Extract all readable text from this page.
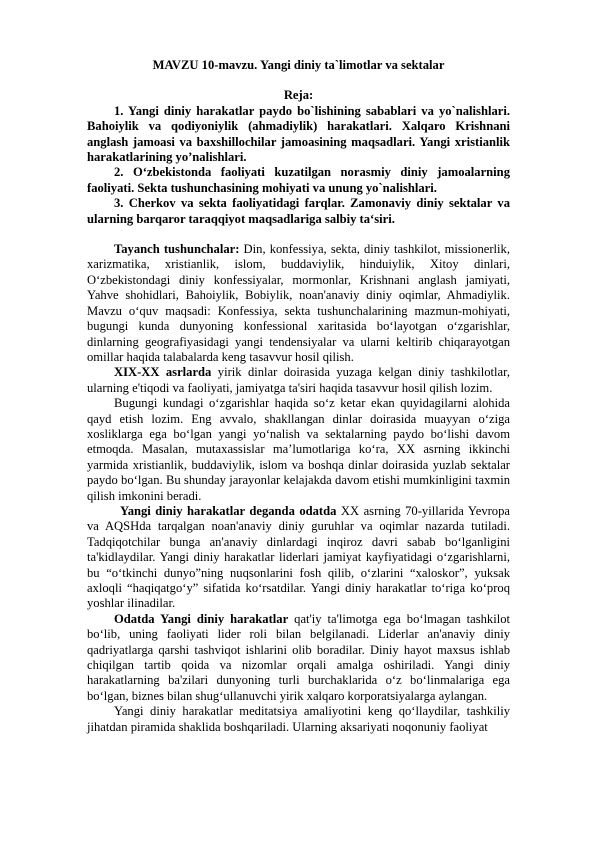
MAVZU 10-mavzu. Yangi diniy ta`limotlar va sektalar
Reja:

1. Yangi diniy harakatlar paydo bo`lishining sabablari va yo`nalishlari. Bahoiylik va qodiyoniylik (ahmadiylik) harakatlari. Xalqaro Krishnani anglash jamoasi va baxshillochilar jamoasining maqsadlari. Yangi xristianlik harakatlarining yo’nalishlari.

2. O‘zbekistonda faoliyati kuzatilgan norasmiy diniy jamoalarning faoliyati. Sekta tushunchasining mohiyati va unung yo`nalishlari.

3. Cherkov va sekta faoliyatidagi farqlar. Zamonaviy diniy sektalar va ularning barqaror taraqqiyot maqsadlariga salbiy ta‘siri.

Tayanch tushunchalar: Din, konfessiya, sekta, diniy tashkilot, missionerlik, xarizmatika, xristianlik, islom, buddaviylik, hinduiylik, Xitoy dinlari, O‘zbekistondagi diniy konfessiyalar, mormonlar, Krishnani anglash jamiyati, Yahve shohidlari, Bahoiylik, Bobiylik, noan'anaviy diniy oqimlar, Ahmadiylik. Mavzu o‘quv maqsadi: Konfessiya, sekta tushunchalarining mazmun-mohiyati, bugungi kunda dunyoning konfessional xaritasida bo‘layotgan o‘zgarishlar, dinlarning geografiyasidagi yangi tendensiyalar va ularni keltirib chiqarayotgan omillar haqida talabalarda keng tasavvur hosil qilish.

XIX-XX asrlarda yirik dinlar doirasida yuzaga kelgan diniy tashkilotlar, ularning e'tiqodi va faoliyati, jamiyatga ta'siri haqida tasavvur hosil qilish lozim.

Bugungi kundagi o‘zgarishlar haqida so‘z ketar ekan quyidagilarni alohida qayd etish lozim. Eng avvalo, shakllangan dinlar doirasida muayyan o‘ziga xosliklarga ega bo‘lgan yangi yo‘nalish va sektalarning paydo bo‘lishi davom etmoqda. Masalan, mutaxassislar ma’lumotlariga ko‘ra, XX asrning ikkinchi yarmida xristianlik, buddaviylik, islom va boshqa dinlar doirasida yuzlab sektalar paydo bo‘lgan. Bu shunday jarayonlar kelajakda davom etishi mumkinligini taxmin qilish imkonini beradi.

Yangi diniy harakatlar deganda odatda XX asrning 70-yillarida Yevropa va AQSHda tarqalgan noan'anaviy diniy guruhlar va oqimlar nazarda tutiladi. Tadqiqotchilar bunga an'anaviy dinlardagi inqiroz davri sabab bo‘lganligini ta'kidlaydilar. Yangi diniy harakatlar liderlari jamiyat kayfiyatidagi o‘zgarishlarni, bu “o‘tkinchi dunyo”ning nuqsonlarini fosh qilib, o‘zlarini “xaloskor”, yuksak axloqli “haqiqatgo‘y” sifatida ko‘rsatdilar. Yangi diniy harakatlar to‘riga ko‘proq yoshlar ilinadilar.

Odatda Yangi diniy harakatlar qat'iy ta'limotga ega bo‘lmagan tashkilot bo‘lib, uning faoliyati lider roli bilan belgilanadi. Liderlar an'anaviy diniy qadriyatlarga qarshi tashviqot ishlarini olib boradilar. Diniy hayot maxsus ishlab chiqilgan tartib qoida va nizomlar orqali amalga oshiriladi. Yangi diniy harakatlarning ba'zilari dunyoning turli burchaklarida o‘z bo‘linmalariga ega bo‘lgan, biznes bilan shug‘ullanuvchi yirik xalqaro korporatsiyalarga aylangan.

Yangi diniy harakatlar meditatsiya amaliyotini keng qo‘llaydilar, tashkiliy jihatdan piramida shaklida boshqariladi. Ularning aksariyati noqonuniy faoliyat
